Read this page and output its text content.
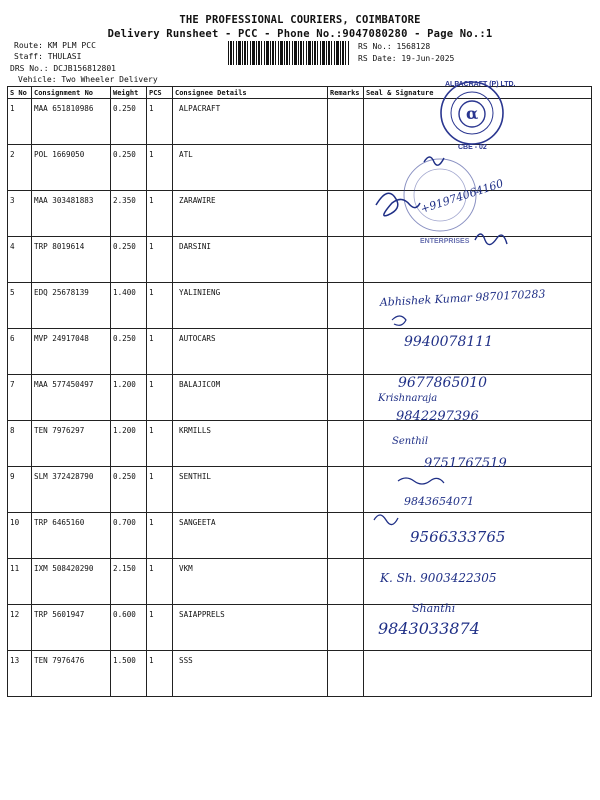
THE PROFESSIONAL COURIERS, COIMBATORE
Delivery Runsheet - PCC - Phone No.:9047080280 - Page No.:1
Route: KM PLM PCC
Staff: THULASI
DRS No.: DCJB156812801
Vehicle: Two Wheeler Delivery
RS No.: 1568128
RS Date: 19-Jun-2025
S No	Consignment No	Weight	PCS	Consignee Details	Remarks	Seal & Signature
1	MAA 651810986	0.250	1	ALPACRAFT		
2	POL 1669050	0.250	1	ATL		
3	MAA 303481883	2.350	1	ZARAWIRE		
4	TRP 8019614	0.250	1	DARSINI		
5	EDQ 25678139	1.400	1	YALINIENG		
6	MVP 24917048	0.250	1	AUTOCARS		
7	MAA 577450497	1.200	1	BALAJICOM		
8	TEN 7976297	1.200	1	KRMILLS		
9	SLM 372428790	0.250	1	SENTHIL		
10	TRP 6465160	0.700	1	SANGEETA		
11	IXM 508420290	2.150	1	VKM		
12	TRP 5601947	0.600	1	SAIAPPRELS		
13	TEN 7976476	1.500	1	SSS		
α
ALPACRAFT (P) LTD.
CBE - 02
ENTERPRISES
+91974064160
Abhishek Kumar 9870170283
9940078111
9677865010
Krishnaraja
9842297396
Senthil
9751767519
9843654071
9566333765
K. Sh. 9003422305
Shanthi
9843033874
